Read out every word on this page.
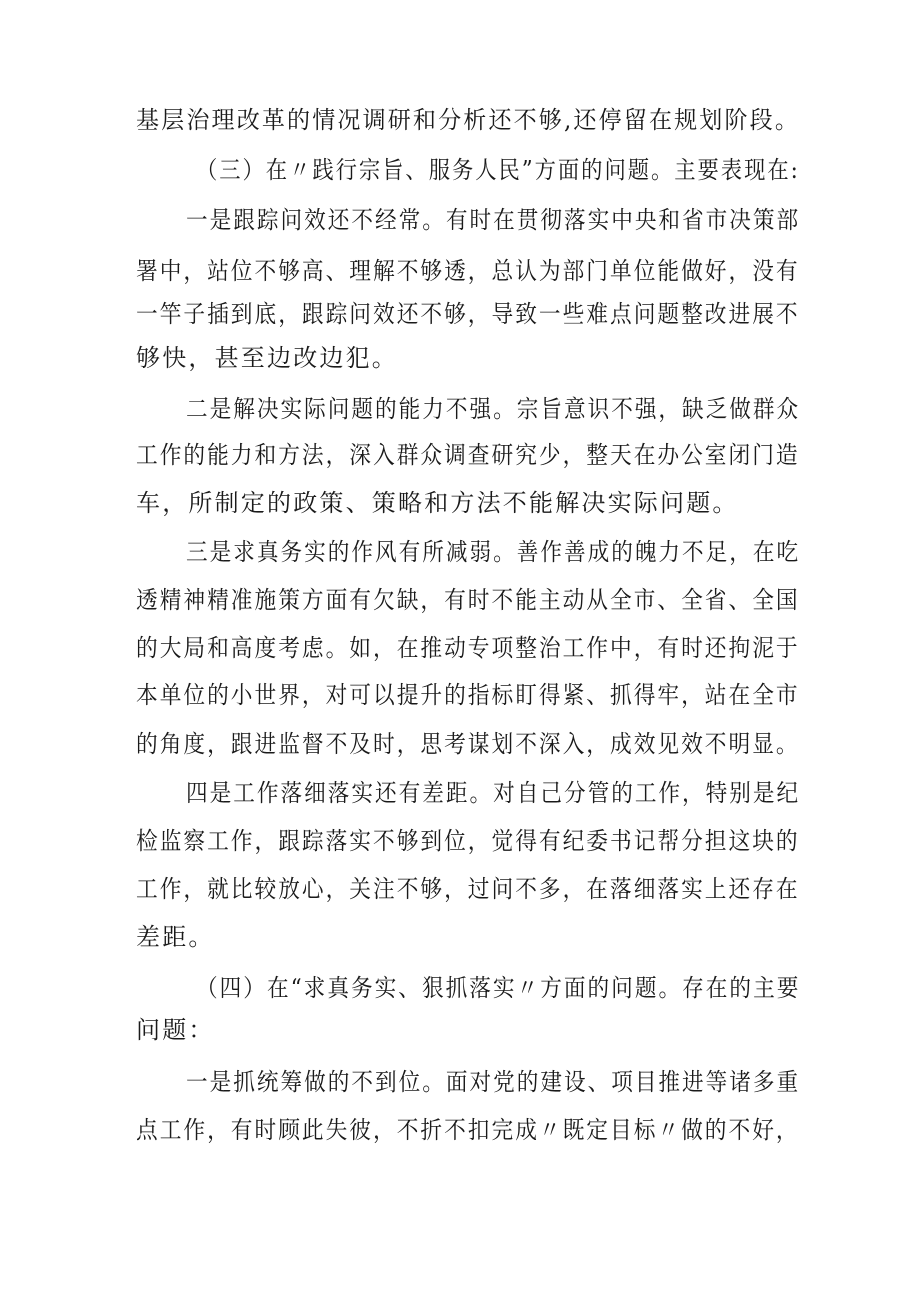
基层治理改革的情况调研和分析还不够,还停留在规划阶段。
（三）在〃践行宗旨、服务人民”方面的问题。主要表现在:
一是跟踪问效还不经常。有时在贯彻落实中央和省市决策部
署中，站位不够高、理解不够透，总认为部门单位能做好，没有
一竿子插到底，跟踪问效还不够，导致一些难点问题整改进展不
够快，甚至边改边犯。
二是解决实际问题的能力不强。宗旨意识不强，缺乏做群众
工作的能力和方法，深入群众调查研究少，整天在办公室闭门造
车，所制定的政策、策略和方法不能解决实际问题。
三是求真务实的作风有所减弱。善作善成的魄力不足，在吃
透精神精准施策方面有欠缺，有时不能主动从全市、全省、全国
的大局和高度考虑。如，在推动专项整治工作中，有时还拘泥于
本单位的小世界，对可以提升的指标盯得紧、抓得牢，站在全市
的角度，跟进监督不及时，思考谋划不深入，成效见效不明显。
四是工作落细落实还有差距。对自己分管的工作，特别是纪
检监察工作，跟踪落实不够到位，觉得有纪委书记帮分担这块的
工作，就比较放心，关注不够，过问不多，在落细落实上还存在
差距。
（四）在“求真务实、狠抓落实〃方面的问题。存在的主要
问题：
一是抓统筹做的不到位。面对党的建设、项目推进等诸多重
点工作，有时顾此失彼，不折不扣完成〃既定目标〃做的不好，
